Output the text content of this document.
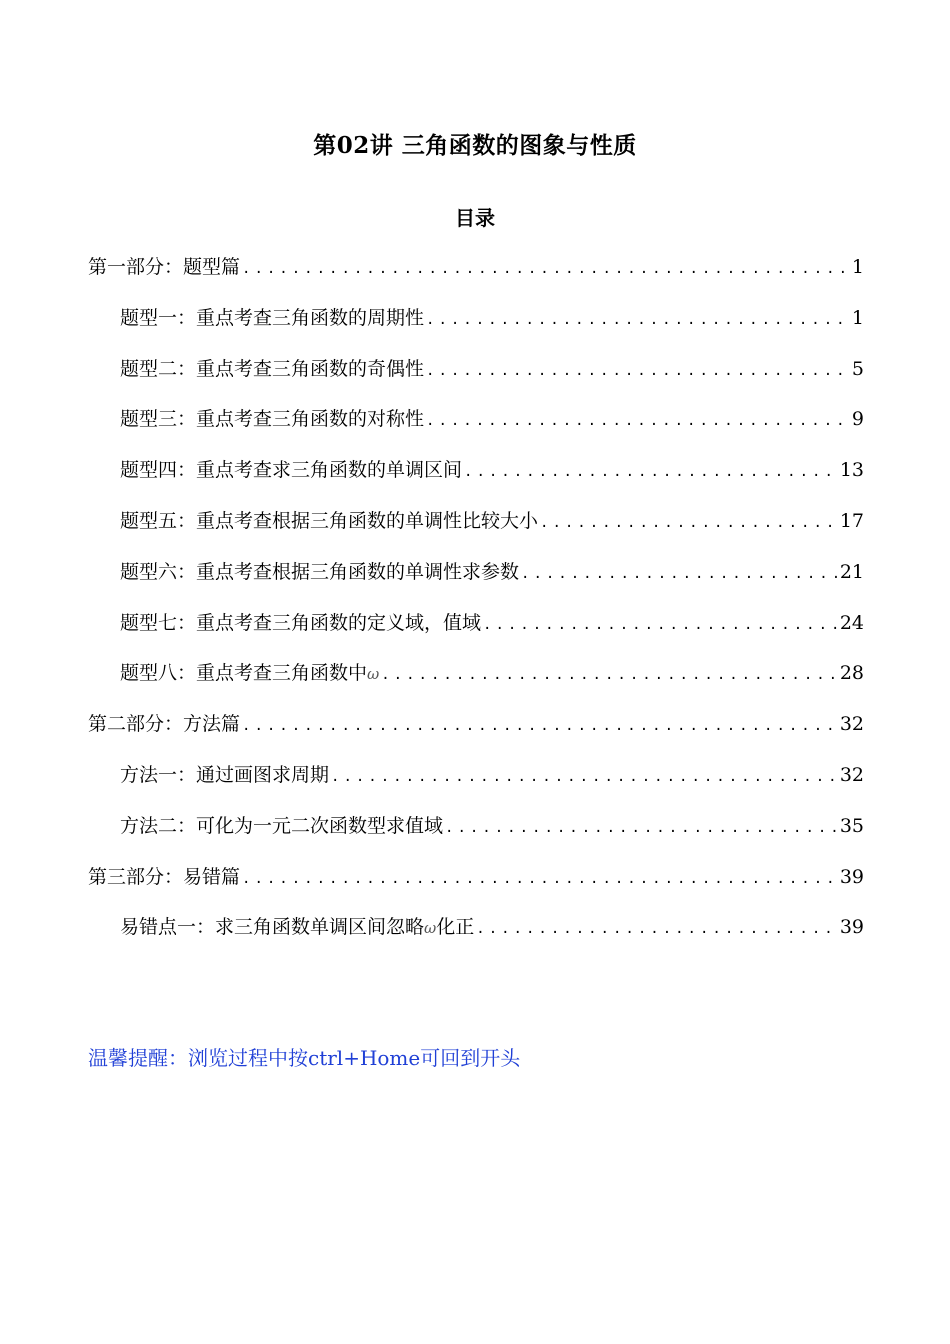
第02讲 三角函数的图象与性质
目录
第一部分：题型篇 .....	1
题型一：重点考查三角函数的周期性 .....	1
题型二：重点考查三角函数的奇偶性 .....	5
题型三：重点考查三角函数的对称性 .....	9
题型四：重点考查求三角函数的单调区间 .....	13
题型五：重点考查根据三角函数的单调性比较大小 .....	17
题型六：重点考查根据三角函数的单调性求参数 .....	21
题型七：重点考查三角函数的定义域，值域 .....	24
题型八：重点考查三角函数中ω .....	28
第二部分：方法篇 .....	32
方法一：通过画图求周期 .....	32
方法二：可化为一元二次函数型求值域 .....	35
第三部分：易错篇 .....	39
易错点一：求三角函数单调区间忽略ω化正 .....	39
温馨提醒：浏览过程中按ctrl+Home可回到开头
